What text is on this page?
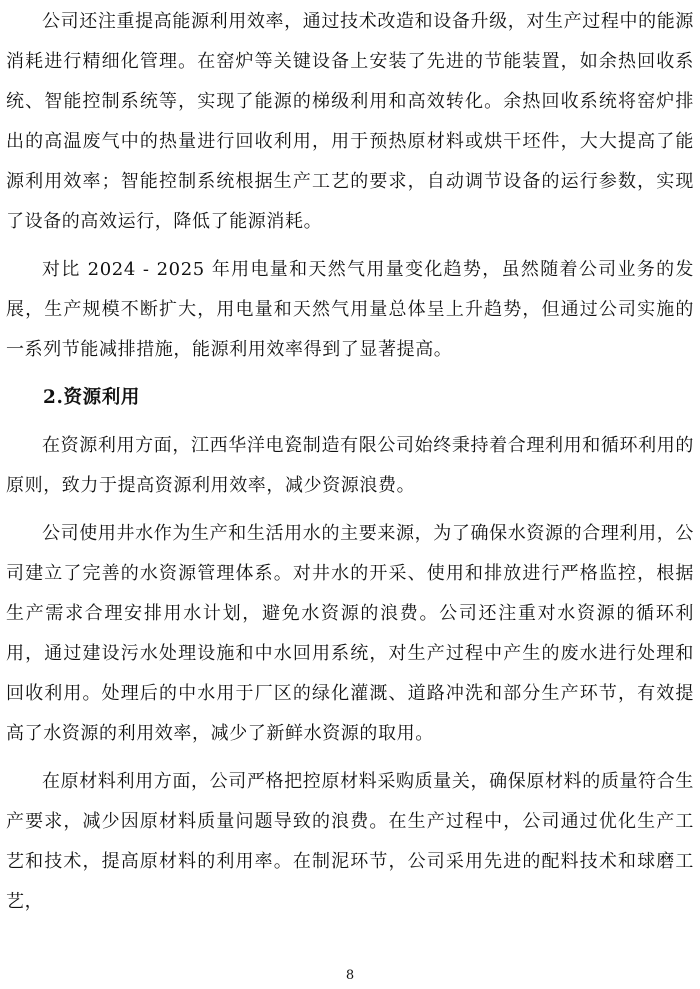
公司还注重提高能源利用效率，通过技术改造和设备升级，对生产过程中的能源消耗进行精细化管理。在窑炉等关键设备上安装了先进的节能装置，如余热回收系统、智能控制系统等，实现了能源的梯级利用和高效转化。余热回收系统将窑炉排出的高温废气中的热量进行回收利用，用于预热原材料或烘干坯件，大大提高了能源利用效率；智能控制系统根据生产工艺的要求，自动调节设备的运行参数，实现了设备的高效运行，降低了能源消耗。

对比 2024 - 2025 年用电量和天然气用量变化趋势，虽然随着公司业务的发展，生产规模不断扩大，用电量和天然气用量总体呈上升趋势，但通过公司实施的一系列节能减排措施，能源利用效率得到了显著提高。

2.资源利用

在资源利用方面，江西华洋电瓷制造有限公司始终秉持着合理利用和循环利用的原则，致力于提高资源利用效率，减少资源浪费。

公司使用井水作为生产和生活用水的主要来源，为了确保水资源的合理利用，公司建立了完善的水资源管理体系。对井水的开采、使用和排放进行严格监控，根据生产需求合理安排用水计划，避免水资源的浪费。公司还注重对水资源的循环利用，通过建设污水处理设施和中水回用系统，对生产过程中产生的废水进行处理和回收利用。处理后的中水用于厂区的绿化灌溉、道路冲洗和部分生产环节，有效提高了水资源的利用效率，减少了新鲜水资源的取用。

在原材料利用方面，公司严格把控原材料采购质量关，确保原材料的质量符合生产要求，减少因原材料质量问题导致的浪费。在生产过程中，公司通过优化生产工艺和技术，提高原材料的利用率。在制泥环节，公司采用先进的配料技术和球磨工艺，

8
